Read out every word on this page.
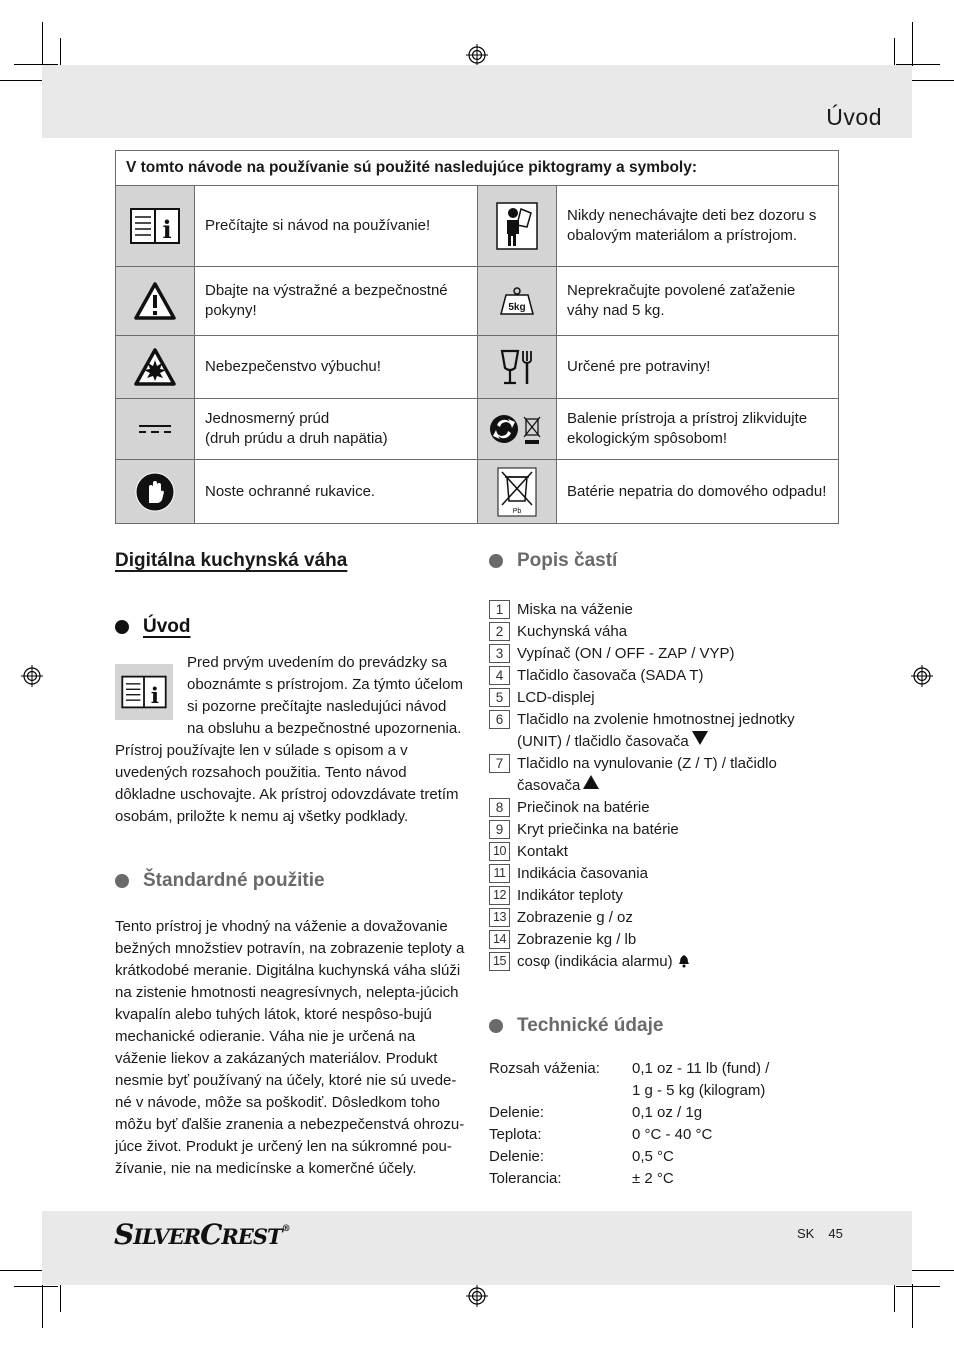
Úvod
V tomto návode na používanie sú použité nasledujúce piktogramy a symboly:			

i	Prečítajte si návod na používanie!		Nikdy nenechávajte deti bez dozoru s obalovým materiálom a prístrojom.

	Dbajte na výstražné a bezpečnostné pokyny!	5kg	Neprekračujte povolené zaťaženie váhy nad 5 kg.

	Nebezpečenstvo výbuchu!		Určené pre potraviny!

Jednosmerný prúd
(druh prúdu a druh napätia)		Balenie prístroja a prístroj zlikvidujte ekologickým spôsobom!

	Noste ochranné rukavice.	Pb	Batérie nepatria do domového odpadu!
Digitálna kuchynská váha
Úvod
i

Pred prvým uvedením do prevádzky sa oboznámte s prístrojom. Za týmto účelom si pozorne prečítajte nasledujúci návod na obsluhu a bezpečnostné upozornenia. Prístroj používajte len v súlade s opisom a v uvedených rozsahoch použitia. Tento návod dôkladne uschovajte. Ak prístroj odovzdávate tretím osobám, priložte k nemu aj všetky podklady.

Štandardné použitie

Tento prístroj je vhodný na váženie a dovažovanie bežných množstiev potravín, na zobrazenie teploty a krátkodobé meranie. Digitálna kuchynská váha slúži na zistenie hmotnosti neagresívnych, nelepta-júcich kvapalín alebo tuhých látok, ktoré nespôso-bujú mechanické odieranie. Váha nie je určená na váženie liekov a zakázaných materiálov. Produkt nesmie byť používaný na účely, ktoré nie sú uvede-né v návode, môže sa poškodiť. Dôsledkom toho môžu byť ďalšie zranenia a nebezpečenstvá ohrozu-júce život. Produkt je určený len na súkromné pou-žívanie, nie na medicínske a komerčné účely.

Popis častí
1 Miska na váženie
2 Kuchynská váha
3 Vypínač (ON / OFF - ZAP / VYP)
4 Tlačidlo časovača (SADA T)
5 LCD-displej
6 Tlačidlo na zvolenie hmotnostnej jednotky (UNIT) / tlačidlo časovača
7 Tlačidlo na vynulovanie (Z / T) / tlačidlo časovača
8 Priečinok na batérie
9 Kryt priečinka na batérie
10 Kontakt
11 Indikácia časovania
12 Indikátor teploty
13 Zobrazenie g / oz
14 Zobrazenie kg / lb
15 cosφ (indikácia alarmu)
Technické údaje
Rozsah váženia:	0,1 oz - 11 lb (fund) /
1 g - 5 kg (kilogram)

Delenie:	0,1 oz / 1g
Teplota:	0 °C - 40 °C
Delenie:	0,5 °C
Tolerancia:	± 2 °C
SILVERCREST®	SK 45
